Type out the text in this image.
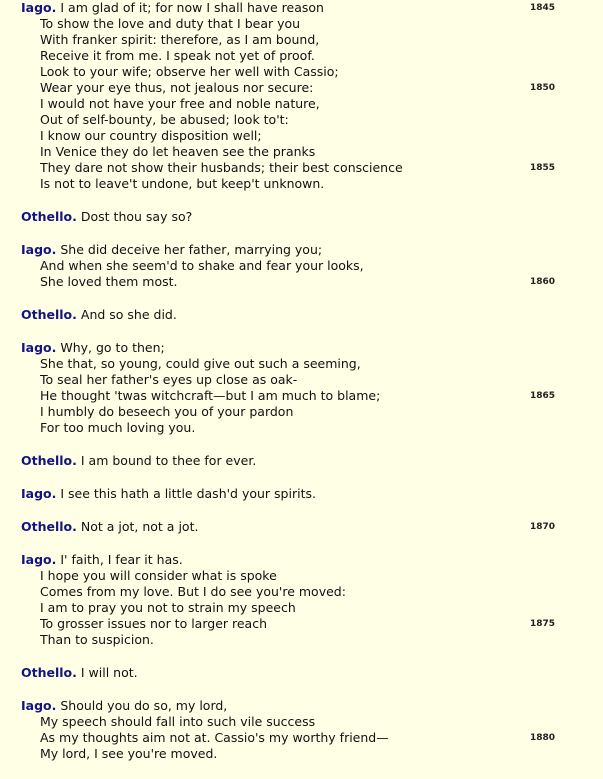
Iago. I am glad of it; for now I shall have reason	1845
To show the love and duty that I bear you
With franker spirit: therefore, as I am bound,
Receive it from me. I speak not yet of proof.
Look to your wife; observe her well with Cassio;
Wear your eye thus, not jealous nor secure:	1850
I would not have your free and noble nature,
Out of self-bounty, be abused; look to't:
I know our country disposition well;
In Venice they do let heaven see the pranks
They dare not show their husbands; their best conscience	1855
Is not to leave't undone, but keep't unknown.
Othello. Dost thou say so?
Iago. She did deceive her father, marrying you;
And when she seem'd to shake and fear your looks,
She loved them most.	1860
Othello. And so she did.
Iago. Why, go to then;
She that, so young, could give out such a seeming,
To seal her father's eyes up close as oak-
He thought 'twas witchcraft—but I am much to blame;	1865
I humbly do beseech you of your pardon
For too much loving you.
Othello. I am bound to thee for ever.
Iago. I see this hath a little dash'd your spirits.
Othello. Not a jot, not a jot.	1870
Iago. I' faith, I fear it has.
I hope you will consider what is spoke
Comes from my love. But I do see you're moved:
I am to pray you not to strain my speech
To grosser issues nor to larger reach	1875
Than to suspicion.
Othello. I will not.
Iago. Should you do so, my lord,
My speech should fall into such vile success
As my thoughts aim not at. Cassio's my worthy friend—	1880
My lord, I see you're moved.
